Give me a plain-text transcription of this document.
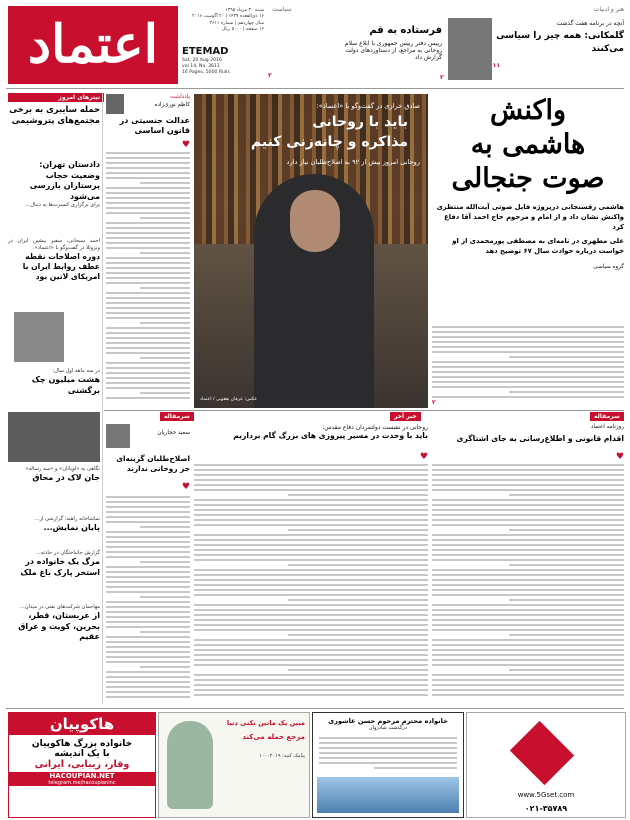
اعتماد	ETEMAD
Sat, 20 Aug 2016
vol 14, No. 3611
16 Pages, 5000 Rials
شنبه ۳۰ مرداد ۱۳۹۵
۱۶ ذی‌القعده ۱۴۳۷ | ۲۰ آگوست ۲۰۱۶
سال چهاردهم | شماره ۳۶۱۱
۱۶ صفحه | ۵۰۰۰ ریال
۲
سیاست
فرستاده به قم
رییس دفتر رییس جمهوری با ابلاغ سلام
روحانی به مراجع، از دستاوردهای دولت
گزارش داد
۲
هنر و ادبیات
آنچه در برنامه هفت گذشت
گلمکانی: همه چیز را سیاسی می‌کنند
۱۱
تیترهای امروز
حمله سایبری به برخی مجتمع‌های پتروشیمی
دادستان تهران: وضعیت حجاب پرستاران بازرسی می‌شود
برای برگزاری کنسرت‌ها به دنبال...
احمد سبحانی، سفیر پیشین ایران در ونزوئلا در گفت‌وگو با «اعتماد»:
دوره اصلاحات نقطه عطف روابط ایران با امریکای لاتین بود
در سه ماهه اول سال:
هشت میلیون چک برگشتی
نگاهی به «لویاتان» و «سه رساله»
جان لاک در محاق
تماشاخانه راهبه؛ گزارشی از...
پایان نمایش...
گزارش جانباختگان در حادثه...
مرگ یک خانواده در استخر پارک باغ ملک
مهاجمان شرکت‌های نفتی در میدان...
از عربستان، قطر، بحرین، کویت و عراق عقیم
یادداشت
کاظم نوری‌زاده
عدالت جنسیتی در قانون اساسی
♥
صادق خرازی در گفت‌وگو با «اعتماد»:
باید با روحانی
مذاکره و چانه‌زنی کنیم
روحانی امروز بیش از ۹۲ به اصلاح‌طلبان نیاز دارد
عکس: عرفان یعقوبی / اعتماد
واکنش
هاشمی به
صوت جنجالی
هاشمی رفسنجانی درپروژه فایل صوتی آیت‌الله منتظری واکنش نشان داد و از امام و مرحوم حاج احمد آقا دفاع کرد
علی مطهری در نامه‌ای به مصطفی پورمحمدی از او خواست درباره حوادث سال ۶۷ توضیح دهد
گروه سیاسی
۲
سرمقاله
سعید حجاریان
اصلاح‌طلبان گزینه‌ای جز روحانی ندارند
♥
خبر آخر
روحانی در نشست دولتمردان دفاع مقدس:
باید با وحدت در مسیر پیروزی های بزرگ گام برداریم
♥
سرمقاله
روزنامه اعتماد
اقدام قانونی و اطلاع‌رسانی به جای اشتاگری
♥
هاکوپیان
خانواده بزرگ هاکوپیان
با یک اندیشه
وقار، زیبایی، ایرانی
HACOUPIAN.NET
telegram.me/hacoupianinc
مبین یک ماتین نکنی دنیا
مرجع حمله می‌کند
پیامک کنید: ۱۰۰۰۲۰۱۹
خانواده محترم مرحوم حسن عاشوری
درگذشت شادروان
www.5Gset.com
۰۲۱-۳۵۷۸۹
